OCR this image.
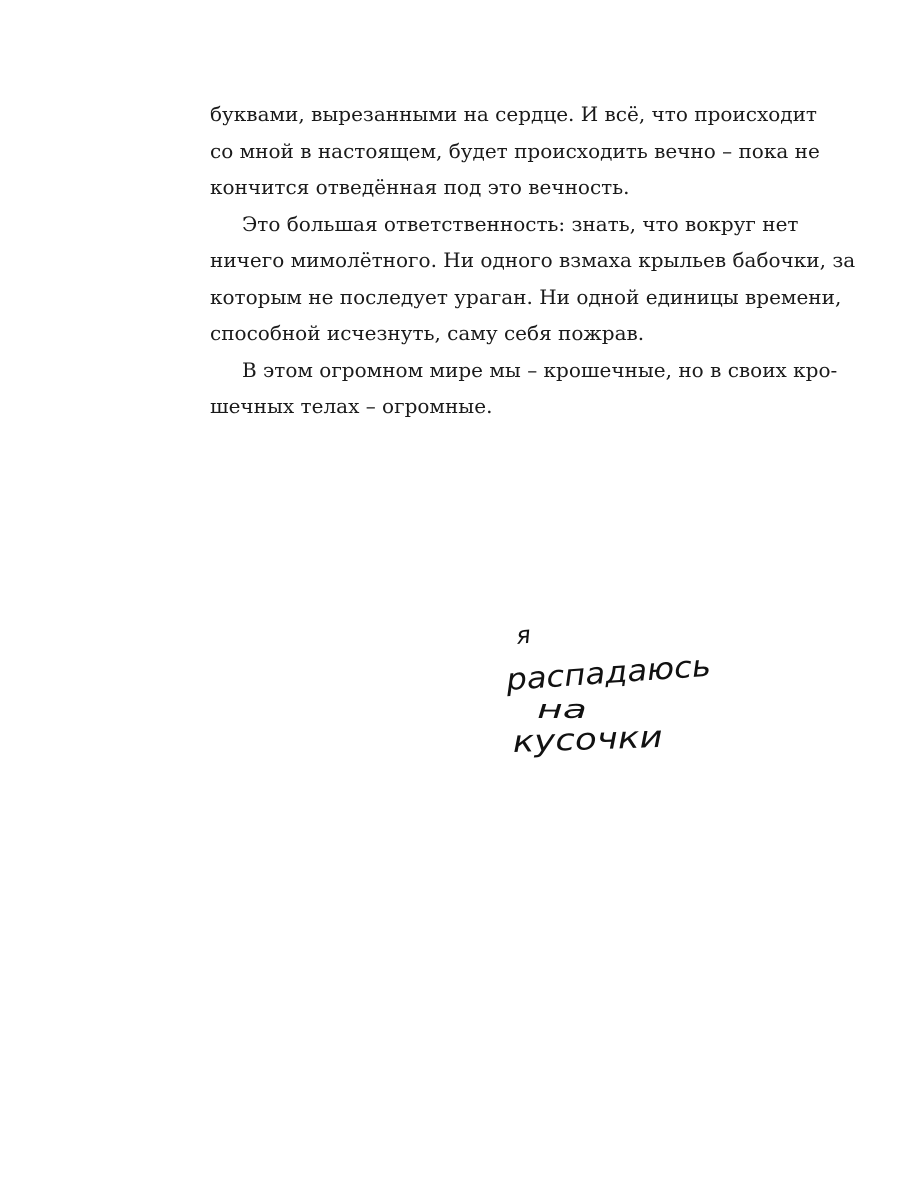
буквами, вырезанными на сердце. И всё, что происходит
со мной в настоящем, будет происходить вечно – пока не
кончится отведённая под это вечность.
Это большая ответственность: знать, что вокруг нет
ничего мимолётного. Ни одного взмаха крыльев бабочки, за
которым не последует ураган. Ни одной единицы времени,
способной исчезнуть, саму себя пожрав.
В этом огромном мире мы – крошечные, но в своих кро-
шечных телах – огромные.
я
распадаюсь
на
кусочки
